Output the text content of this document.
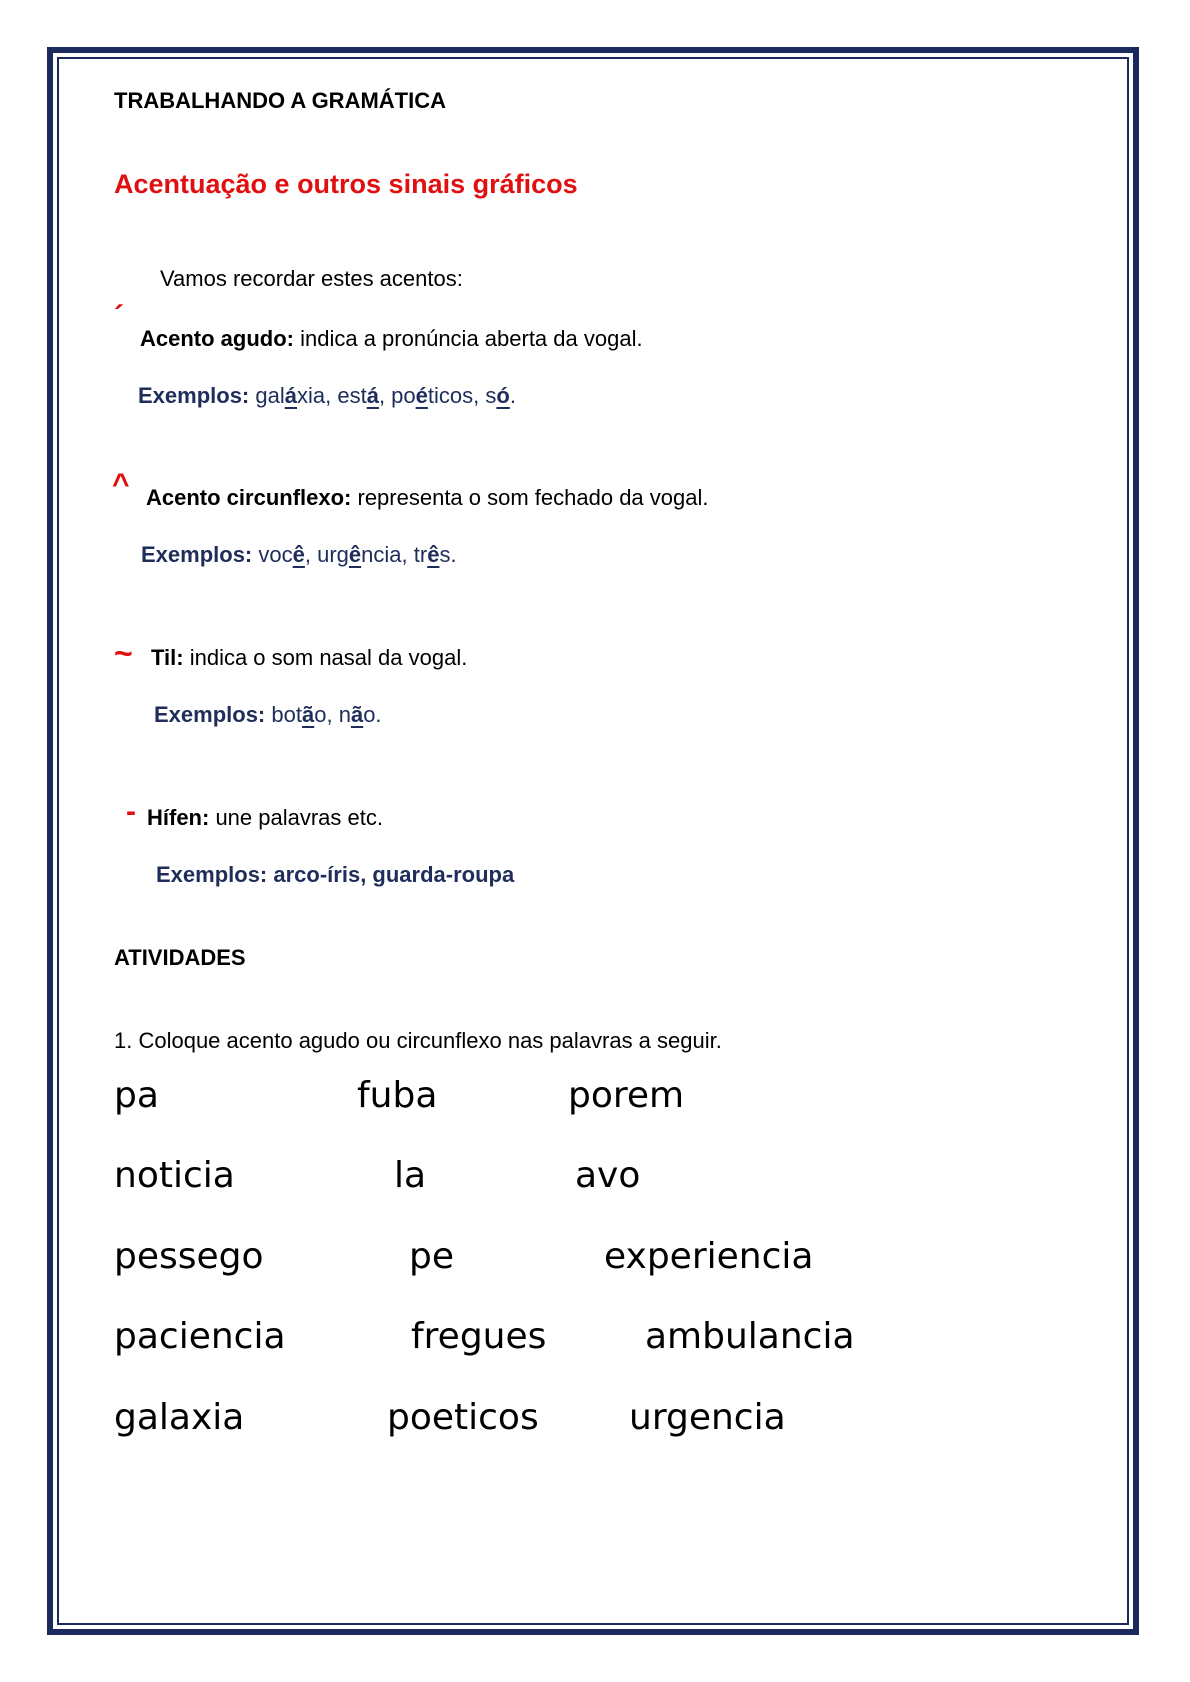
TRABALHANDO A GRAMÁTICA
Acentuação e outros sinais gráficos
Vamos recordar estes acentos:
´
Acento agudo: indica a pronúncia aberta da vogal.
Exemplos: galáxia, está, poéticos, só.
^ Acento circunflexo: representa o som fechado da vogal.
Exemplos: você, urgência, três.
~ Til: indica o som nasal da vogal.
Exemplos: botão, não.
- Hífen: une palavras etc.
Exemplos: arco-íris, guarda-roupa
ATIVIDADES
1. Coloque acento agudo ou circunflexo nas palavras a seguir.
pa	fuba	porem
noticia	la	avo
pessego	pe	experiencia
paciencia	fregues	ambulancia
galaxia	poeticos	urgencia
